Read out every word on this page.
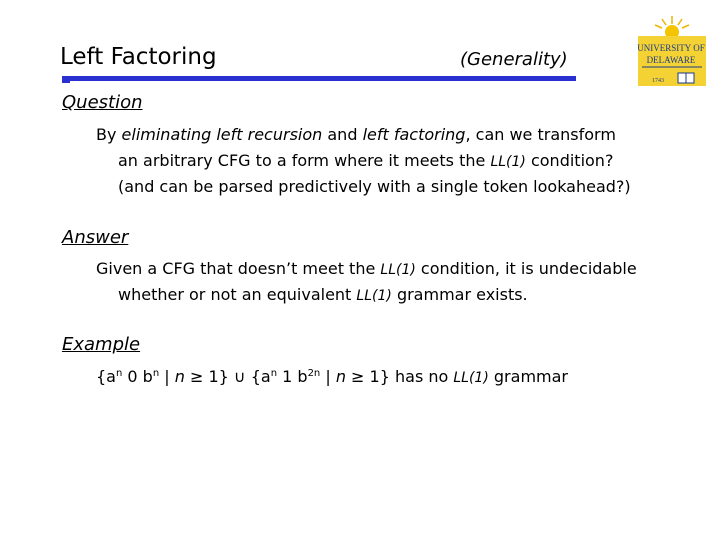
Left Factoring	(Generality)
UNIVERSITY OF
DELAWARE
1743
Question
By eliminating left recursion and left factoring, can we transform
an arbitrary CFG to a form where it meets the LL(1) condition?
(and can be parsed predictively with a single token lookahead?)
Answer
Given a CFG that doesn’t meet the LL(1) condition, it is undecidable
whether or not an equivalent LL(1) grammar exists.
Example
{$a^n$ 0 $b^n$ | n ≥ 1} ∪ {$a^n$ 1 $b^{2n}$ | n ≥ 1} has no LL(1) grammar
